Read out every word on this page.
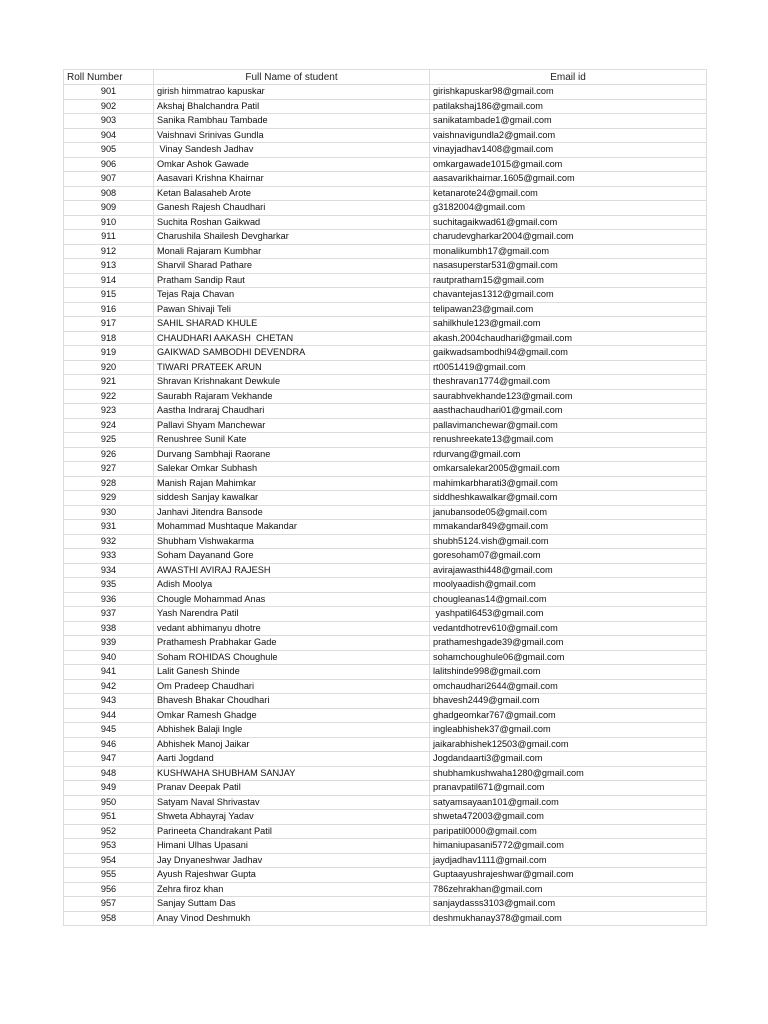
Roll Number	Full Name of student	Email id
901	girish himmatrao kapuskar	girishkapuskar98@gmail.com
902	Akshaj Bhalchandra Patil	patilakshaj186@gmail.com
903	Sanika Rambhau Tambade	sanikatambade1@gmail.com
904	Vaishnavi Srinivas Gundla	vaishnavigundla2@gmail.com
905	Vinay Sandesh Jadhav	vinayjadhav1408@gmail.com
906	Omkar Ashok Gawade	omkargawade1015@gmail.com
907	Aasavari Krishna Khairnar	aasavarikhairnar.1605@gmail.com
908	Ketan Balasaheb Arote	ketanarote24@gmail.com
909	Ganesh Rajesh Chaudhari	g3182004@gmail.com
910	Suchita Roshan Gaikwad	suchitagaikwad61@gmail.com
911	Charushila Shailesh Devgharkar	charudevgharkar2004@gmail.com
912	Monali Rajaram Kumbhar	monalikumbh17@gmail.com
913	Sharvil Sharad Pathare	nasasuperstar531@gmail.com
914	Pratham Sandip Raut	rautpratham15@gmail.com
915	Tejas Raja Chavan	chavantejas1312@gmail.com
916	Pawan Shivaji Teli	telipawan23@gmail.com
917	SAHIL SHARAD KHULE	sahilkhule123@gmail.com
918	CHAUDHARI AAKASH  CHETAN	akash.2004chaudhari@gmail.com
919	GAIKWAD SAMBODHI DEVENDRA	gaikwadsambodhi94@gmail.com
920	TIWARI PRATEEK ARUN	rt0051419@gmail.com
921	Shravan Krishnakant Dewkule	theshravan1774@gmail.com
922	Saurabh Rajaram Vekhande	saurabhvekhande123@gmail.com
923	Aastha Indraraj Chaudhari	aasthachaudhari01@gmail.com
924	Pallavi Shyam Manchewar	pallavimanchewar@gmail.com
925	Renushree Sunil Kate	renushreekate13@gmail.com
926	Durvang Sambhaji Raorane	rdurvang@gmail.com
927	Salekar Omkar Subhash	omkarsalekar2005@gmail.com
928	Manish Rajan Mahimkar	mahimkarbharati3@gmail.com
929	siddesh Sanjay kawalkar	siddheshkawalkar@gmail.com
930	Janhavi Jitendra Bansode	janubansode05@gmail.com
931	Mohammad Mushtaque Makandar	mmakandar849@gmail.com
932	Shubham Vishwakarma	shubh5124.vish@gmail.com
933	Soham Dayanand Gore	goresoham07@gmail.com
934	AWASTHI AVIRAJ RAJESH	avirajawasthi448@gmail.com
935	Adish Moolya	moolyaadish@gmail.com
936	Chougle Mohammad Anas	chougleanas14@gmail.com
937	Yash Narendra Patil	yashpatil6453@gmail.com
938	vedant abhimanyu dhotre	vedantdhotrev610@gmail.com
939	Prathamesh Prabhakar Gade	prathameshgade39@gmail.com
940	Soham ROHIDAS Choughule	sohamchoughule06@gmail.com
941	Lalit Ganesh Shinde	lalitshinde998@gmail.com
942	Om Pradeep Chaudhari	omchaudhari2644@gmail.com
943	Bhavesh Bhakar Choudhari	bhavesh2449@gmail.com
944	Omkar Ramesh Ghadge	ghadgeomkar767@gmail.com
945	Abhishek Balaji Ingle	ingleabhishek37@gmail.com
946	Abhishek Manoj Jaikar	jaikarabhishek12503@gmail.com
947	Aarti Jogdand	Jogdandaarti3@gmail.com
948	KUSHWAHA SHUBHAM SANJAY	shubhamkushwaha1280@gmail.com
949	Pranav Deepak Patil	pranavpatil671@gmail.com
950	Satyam Naval Shrivastav	satyamsayaan101@gmail.com
951	Shweta Abhayraj Yadav	shweta472003@gmail.com
952	Parineeta Chandrakant Patil	paripatil0000@gmail.com
953	Himani Ulhas Upasani	himaniupasani5772@gmail.com
954	Jay Dnyaneshwar Jadhav	jaydjadhav1111@gmail.com
955	Ayush Rajeshwar Gupta	Guptaayushrajeshwar@gmail.com
956	Zehra firoz khan	786zehrakhan@gmail.com
957	Sanjay Suttam Das	sanjaydasss3103@gmail.com
958	Anay Vinod Deshmukh	deshmukhanay378@gmail.com
